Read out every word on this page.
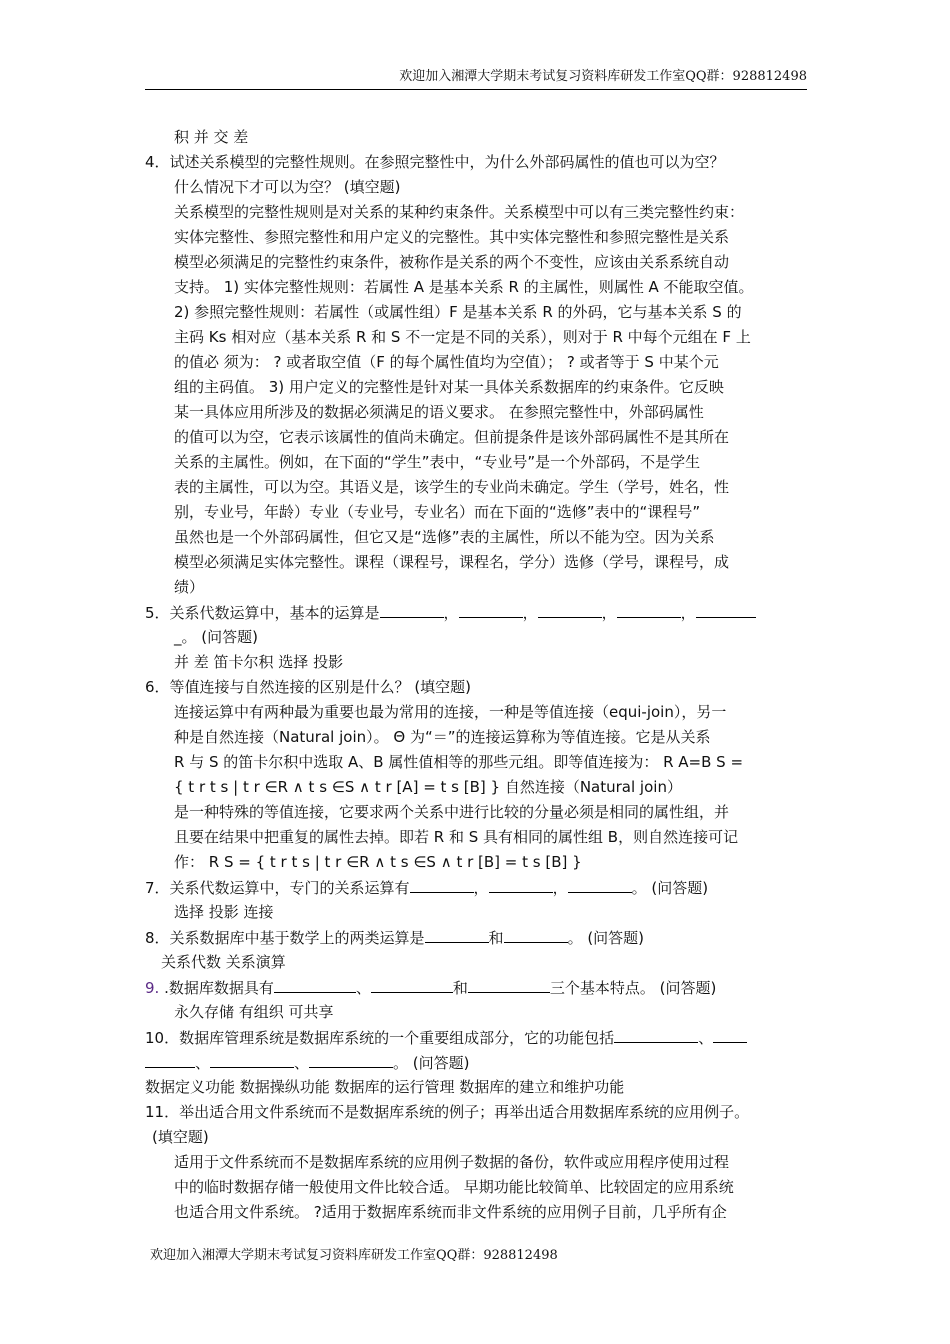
欢迎加入湘潭大学期末考试复习资料库研发工作室QQ群：928812498
积 并 交 差
4．试述关系模型的完整性规则。在参照完整性中，为什么外部码属性的值也可以为空？
什么情况下才可以为空？ (填空题)
关系模型的完整性规则是对关系的某种约束条件。关系模型中可以有三类完整性约束：
实体完整性、参照完整性和用户定义的完整性。其中实体完整性和参照完整性是关系
模型必须满足的完整性约束条件，被称作是关系的两个不变性，应该由关系系统自动
支持。 1) 实体完整性规则：若属性 A 是基本关系 R 的主属性，则属性 A 不能取空值。
2) 参照完整性规则：若属性（或属性组）F 是基本关系 R 的外码，它与基本关系 S 的
主码 Ks 相对应（基本关系 R 和 S 不一定是不同的关系），则对于 R 中每个元组在 F 上
的值必 须为： ? 或者取空值（F 的每个属性值均为空值）； ? 或者等于 S 中某个元
组的主码值。 3) 用户定义的完整性是针对某一具体关系数据库的约束条件。它反映
某一具体应用所涉及的数据必须满足的语义要求。 在参照完整性中，外部码属性
的值可以为空，它表示该属性的值尚未确定。但前提条件是该外部码属性不是其所在
关系的主属性。例如，在下面的“学生”表中，“专业号”是一个外部码，不是学生
表的主属性，可以为空。其语义是，该学生的专业尚未确定。学生（学号，姓名，性
别，专业号，年龄）专业（专业号，专业名）而在下面的“选修”表中的“课程号”
虽然也是一个外部码属性，但它又是“选修”表的主属性，所以不能为空。因为关系
模型必须满足实体完整性。课程（课程号，课程名，学分）选修（学号，课程号，成
绩）
5．关系代数运算中，基本的运算是	，	，	，	，
_。 (问答题)
并 差 笛卡尔积 选择 投影
6．等值连接与自然连接的区别是什么？ (填空题)
连接运算中有两种最为重要也最为常用的连接，一种是等值连接（equi-join），另一
种是自然连接（Natural join）。 Θ 为“＝”的连接运算称为等值连接。它是从关系
R 与 S 的笛卡尔积中选取 A、B 属性值相等的那些元组。即等值连接为： R A=B S =
{ t r t s | t r ∈R ∧ t s ∈S ∧ t r [A] = t s [B] } 自然连接（Natural join）
是一种特殊的等值连接，它要求两个关系中进行比较的分量必须是相同的属性组，并
且要在结果中把重复的属性去掉。即若 R 和 S 具有相同的属性组 B，则自然连接可记
作： R S = { t r t s | t r ∈R ∧ t s ∈S ∧ t r [B] = t s [B] }
7．关系代数运算中，专门的关系运算有	，	，	。 (问答题)
选择 投影 连接
8．关系数据库中基于数学上的两类运算是	和	。 (问答题)
关系代数 关系演算
9. .数据库数据具有	、	和	三个基本特点。 (问答题)
永久存储 有组织 可共享
10．数据库管理系统是数据库系统的一个重要组成部分，它的功能包括	、
、	、	。 (问答题)
数据定义功能 数据操纵功能 数据库的运行管理 数据库的建立和维护功能
11．举出适合用文件系统而不是数据库系统的例子；再举出适合用数据库系统的应用例子。
(填空题)
适用于文件系统而不是数据库系统的应用例子数据的备份，软件或应用程序使用过程
中的临时数据存储一般使用文件比较合适。 早期功能比较简单、比较固定的应用系统
也适合用文件系统。 ?适用于数据库系统而非文件系统的应用例子目前，几乎所有企
欢迎加入湘潭大学期末考试复习资料库研发工作室QQ群：928812498
